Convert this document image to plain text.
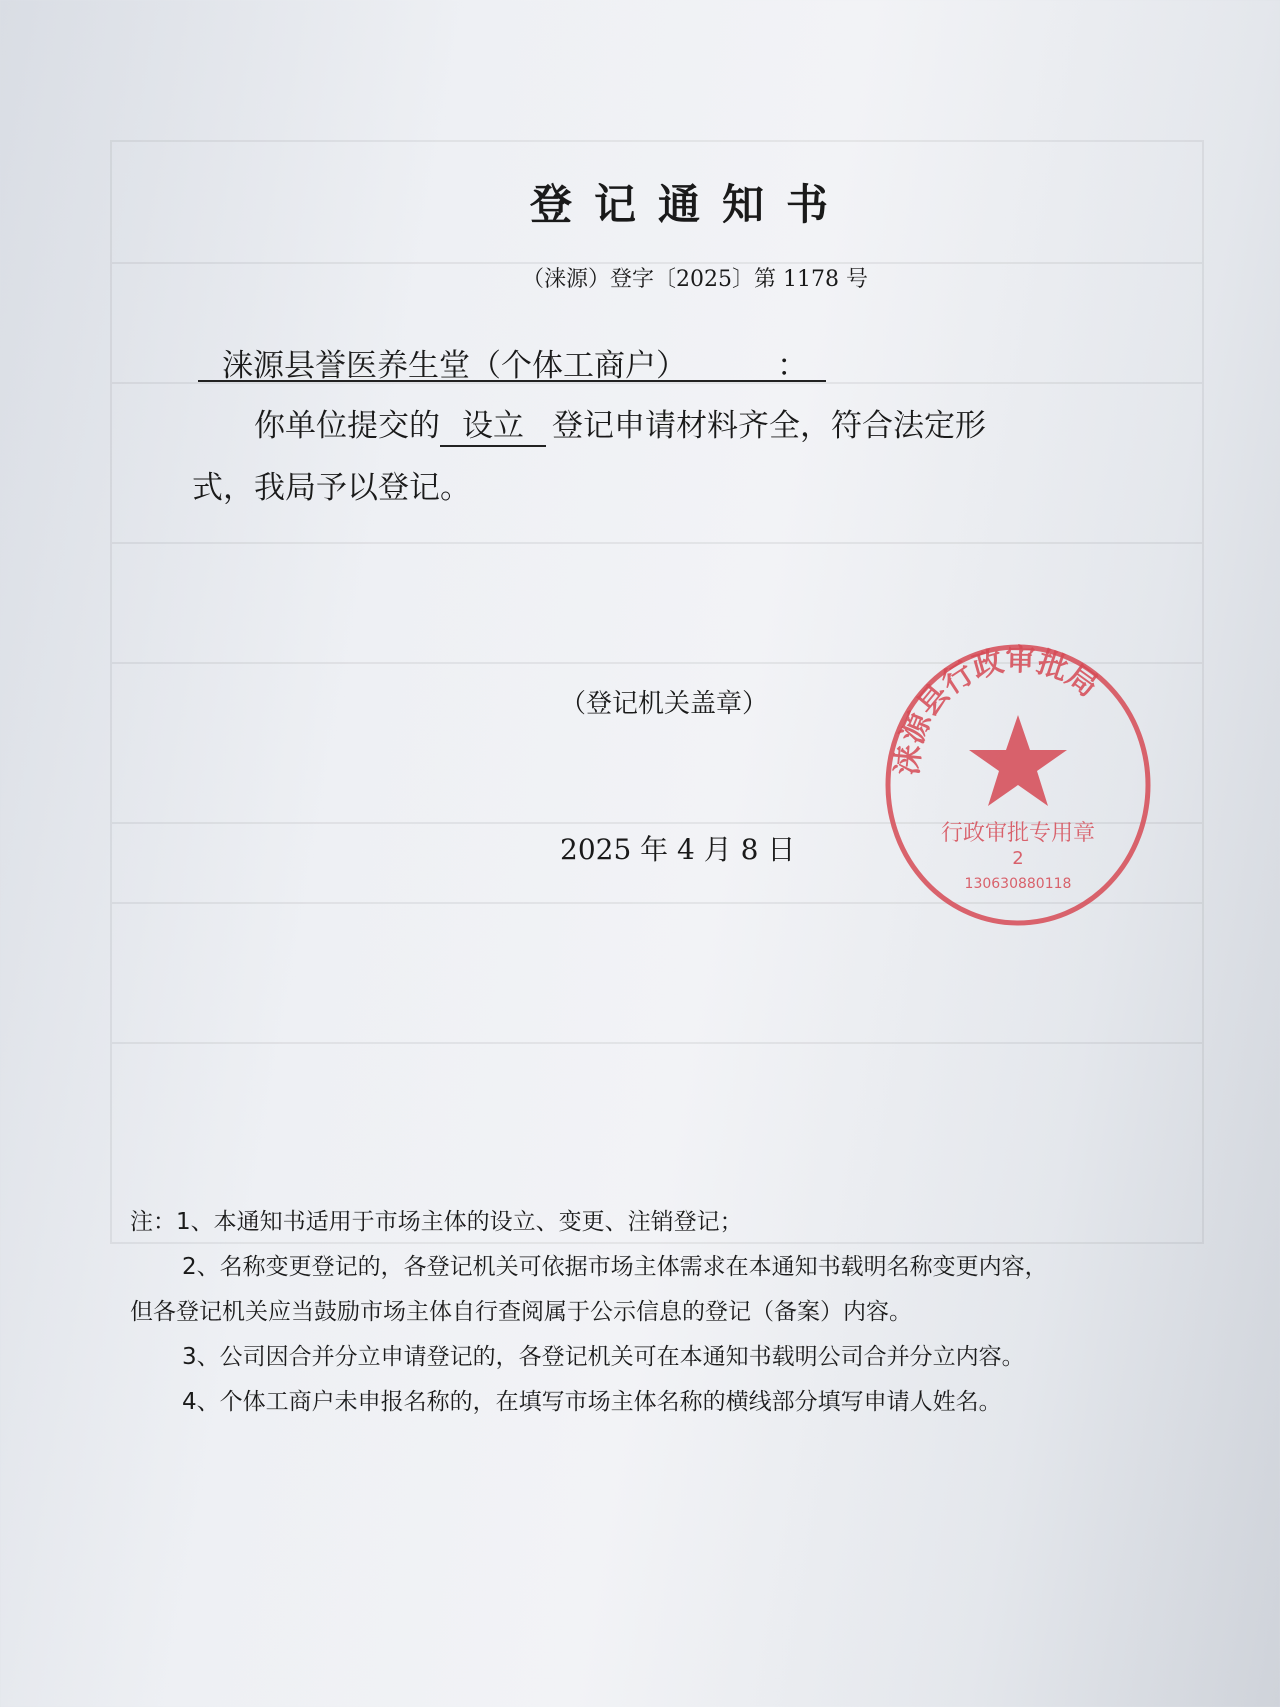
登记通知书
（涞源）登字〔2025〕第 1178 号
涞源县誉医养生堂（个体工商户）	：
你单位提交的 设立 登记申请材料齐全，符合法定形
式，我局予以登记。
涞源县行政审批局
行政审批专用章
2
130630880118
（登记机关盖章）
2025 年 4 月 8 日
注：1、本通知书适用于市场主体的设立、变更、注销登记；
2、名称变更登记的，各登记机关可依据市场主体需求在本通知书载明名称变更内容，
但各登记机关应当鼓励市场主体自行查阅属于公示信息的登记（备案）内容。
3、公司因合并分立申请登记的，各登记机关可在本通知书载明公司合并分立内容。
4、个体工商户未申报名称的，在填写市场主体名称的横线部分填写申请人姓名。
